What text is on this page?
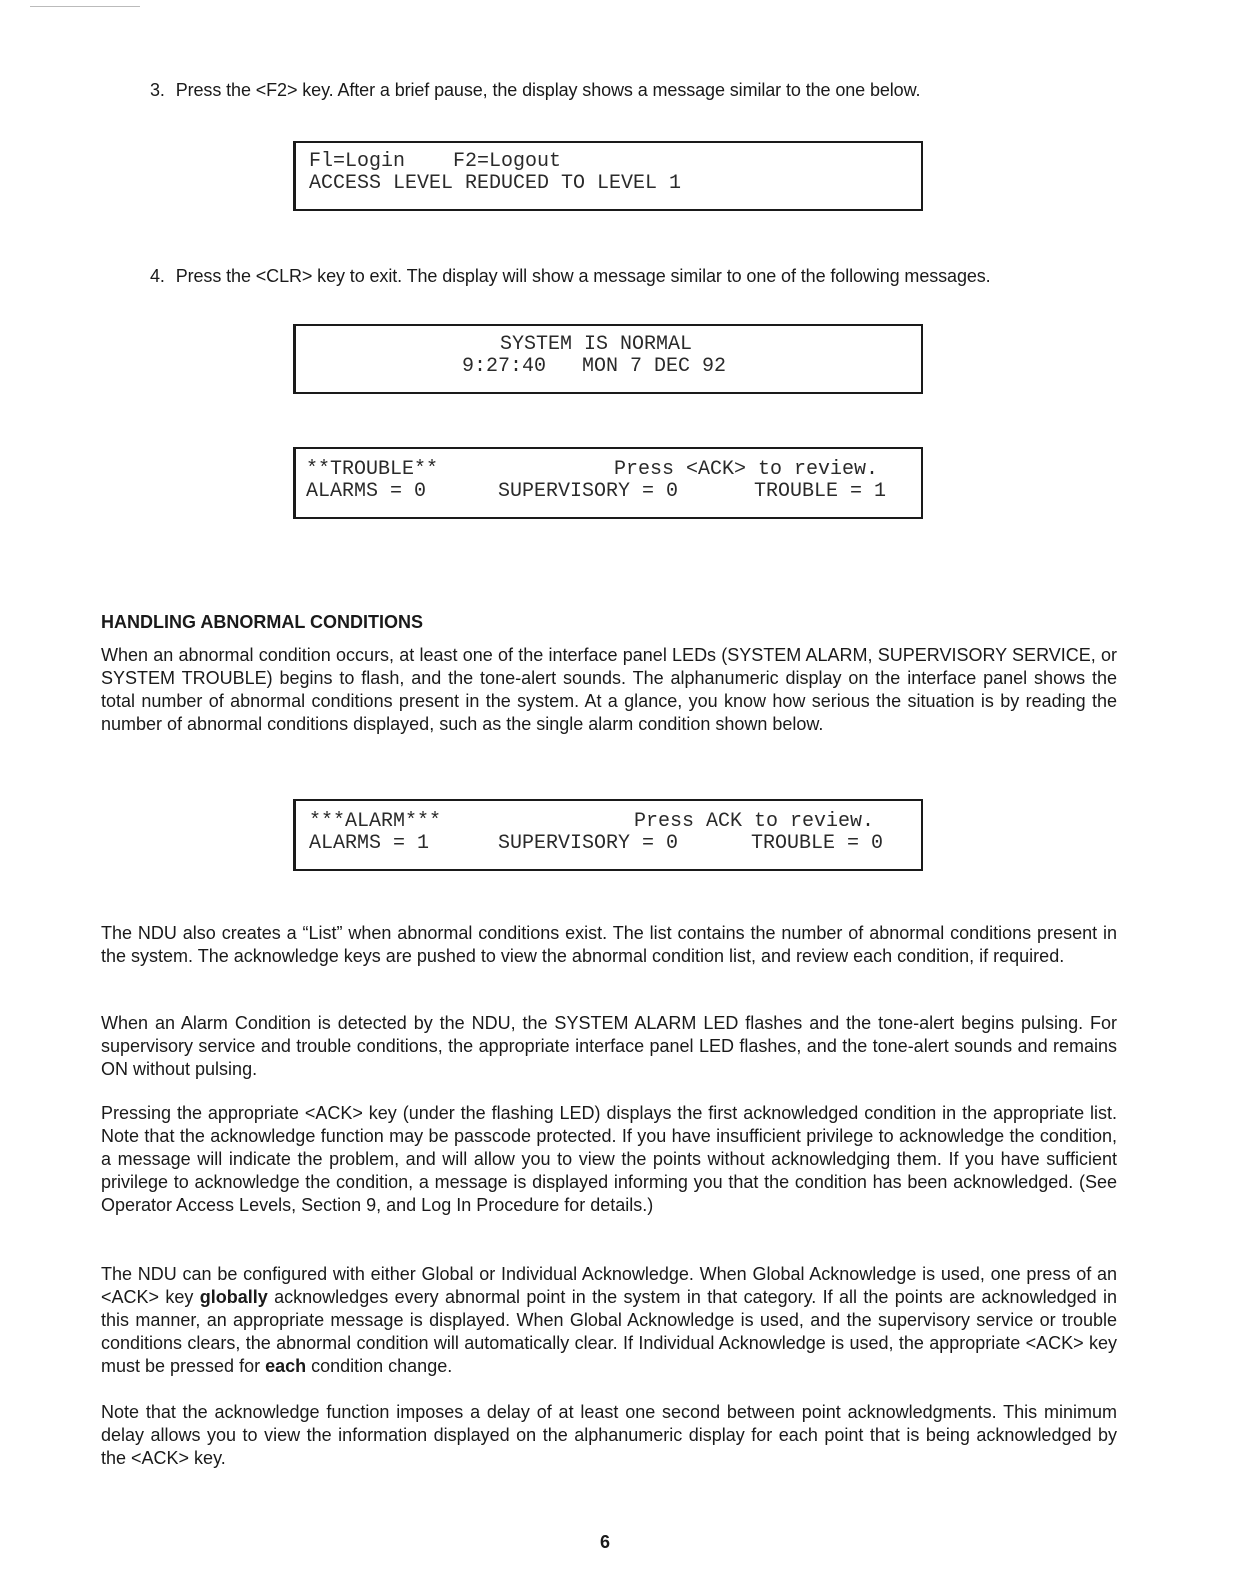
3. Press the <F2> key. After a brief pause, the display shows a message similar to the one below.
Fl=Login    F2=Logout
ACCESS LEVEL REDUCED TO LEVEL 1
4. Press the <CLR> key to exit. The display will show a message similar to one of the following messages.
SYSTEM IS NORMAL
9:27:40   MON 7 DEC 92

**TROUBLE**

	Press <ACK> to review.

ALARMS = 0

	SUPERVISORY = 0

	TROUBLE = 1

HANDLING ABNORMAL CONDITIONS

When an abnormal condition occurs, at least one of the interface panel LEDs (SYSTEM ALARM, SUPERVISORY SERVICE, or SYSTEM TROUBLE) begins to flash, and the tone-alert sounds. The alphanumeric display on the interface panel shows the total number of abnormal conditions present in the system. At a glance, you know how serious the situation is by reading the number of abnormal conditions displayed, such as the single alarm condition shown below.

***ALARM***

	Press ACK to review.

ALARMS = 1

	SUPERVISORY = 0

	TROUBLE = 0

The NDU also creates a “List” when abnormal conditions exist. The list contains the number of abnormal conditions present in the system. The acknowledge keys are pushed to view the abnormal condition list, and review each condition, if required.

When an Alarm Condition is detected by the NDU, the SYSTEM ALARM LED flashes and the tone-alert begins pulsing. For supervisory service and trouble conditions, the appropriate interface panel LED flashes, and the tone-alert sounds and remains ON without pulsing.

Pressing the appropriate <ACK> key (under the flashing LED) displays the first acknowledged condition in the appropriate list. Note that the acknowledge function may be passcode protected. If you have insufficient privilege to acknowledge the condition, a message will indicate the problem, and will allow you to view the points without acknowledging them. If you have sufficient privilege to acknowledge the condition, a message is displayed informing you that the condition has been acknowledged. (See Operator Access Levels, Section 9, and Log In Procedure for details.)

The NDU can be configured with either Global or Individual Acknowledge. When Global Acknowledge is used, one press of an <ACK> key globally acknowledges every abnormal point in the system in that category. If all the points are acknowledged in this manner, an appropriate message is displayed. When Global Acknowledge is used, and the supervisory service or trouble conditions clears, the abnormal condition will automatically clear. If Individual Acknowledge is used, the appropriate <ACK> key must be pressed for each condition change.

Note that the acknowledge function imposes a delay of at least one second between point acknowledgments. This minimum delay allows you to view the information displayed on the alphanumeric display for each point that is being acknowledged by the <ACK> key.

6
